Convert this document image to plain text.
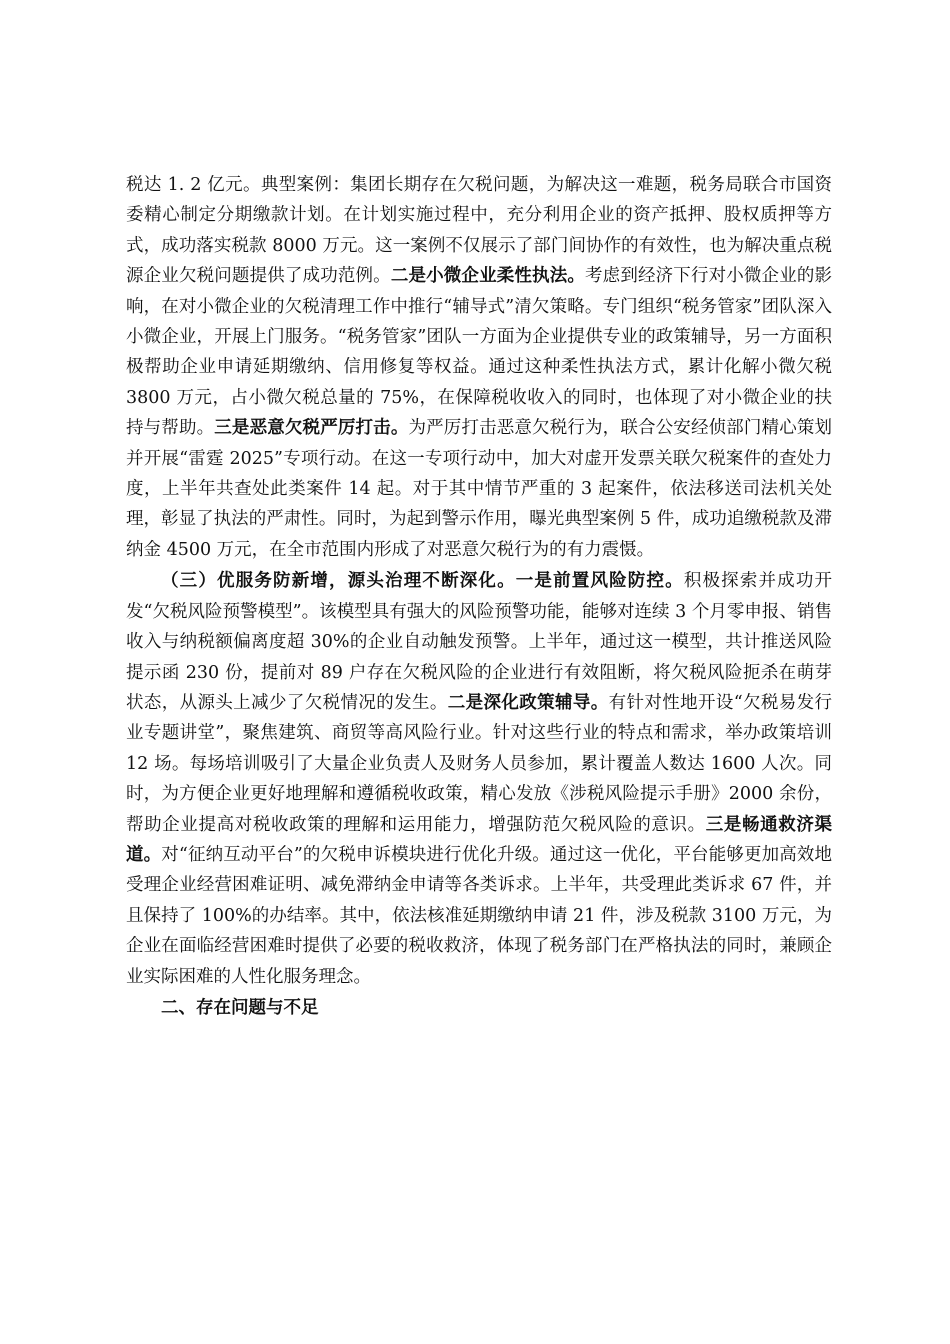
税达 1. 2 亿元。典型案例：集团长期存在欠税问题，为解决这一难题，税务局联合市国资委精心制定分期缴款计划。在计划实施过程中，充分利用企业的资产抵押、股权质押等方式，成功落实税款 8000 万元。这一案例不仅展示了部门间协作的有效性，也为解决重点税源企业欠税问题提供了成功范例。二是小微企业柔性执法。考虑到经济下行对小微企业的影响，在对小微企业的欠税清理工作中推行“辅导式”清欠策略。专门组织“税务管家”团队深入小微企业，开展上门服务。“税务管家”团队一方面为企业提供专业的政策辅导，另一方面积极帮助企业申请延期缴纳、信用修复等权益。通过这种柔性执法方式，累计化解小微欠税 3800 万元，占小微欠税总量的 75%，在保障税收收入的同时，也体现了对小微企业的扶持与帮助。三是恶意欠税严厉打击。为严厉打击恶意欠税行为，联合公安经侦部门精心策划并开展“雷霆 2025”专项行动。在这一专项行动中，加大对虚开发票关联欠税案件的查处力度，上半年共查处此类案件 14 起。对于其中情节严重的 3 起案件，依法移送司法机关处理，彰显了执法的严肃性。同时，为起到警示作用，曝光典型案例 5 件，成功追缴税款及滞纳金 4500 万元，在全市范围内形成了对恶意欠税行为的有力震慑。

（三）优服务防新增，源头治理不断深化。一是前置风险防控。积极探索并成功开发“欠税风险预警模型”。该模型具有强大的风险预警功能，能够对连续 3 个月零申报、销售收入与纳税额偏离度超 30%的企业自动触发预警。上半年，通过这一模型，共计推送风险提示函 230 份，提前对 89 户存在欠税风险的企业进行有效阻断，将欠税风险扼杀在萌芽状态，从源头上减少了欠税情况的发生。二是深化政策辅导。有针对性地开设“欠税易发行业专题讲堂”，聚焦建筑、商贸等高风险行业。针对这些行业的特点和需求，举办政策培训 12 场。每场培训吸引了大量企业负责人及财务人员参加，累计覆盖人数达 1600 人次。同时，为方便企业更好地理解和遵循税收政策，精心发放《涉税风险提示手册》2000 余份，帮助企业提高对税收政策的理解和运用能力，增强防范欠税风险的意识。三是畅通救济渠道。对“征纳互动平台”的欠税申诉模块进行优化升级。通过这一优化，平台能够更加高效地受理企业经营困难证明、减免滞纳金申请等各类诉求。上半年，共受理此类诉求 67 件，并且保持了 100%的办结率。其中，依法核准延期缴纳申请 21 件，涉及税款 3100 万元，为企业在面临经营困难时提供了必要的税收救济，体现了税务部门在严格执法的同时，兼顾企业实际困难的人性化服务理念。

二、存在问题与不足
